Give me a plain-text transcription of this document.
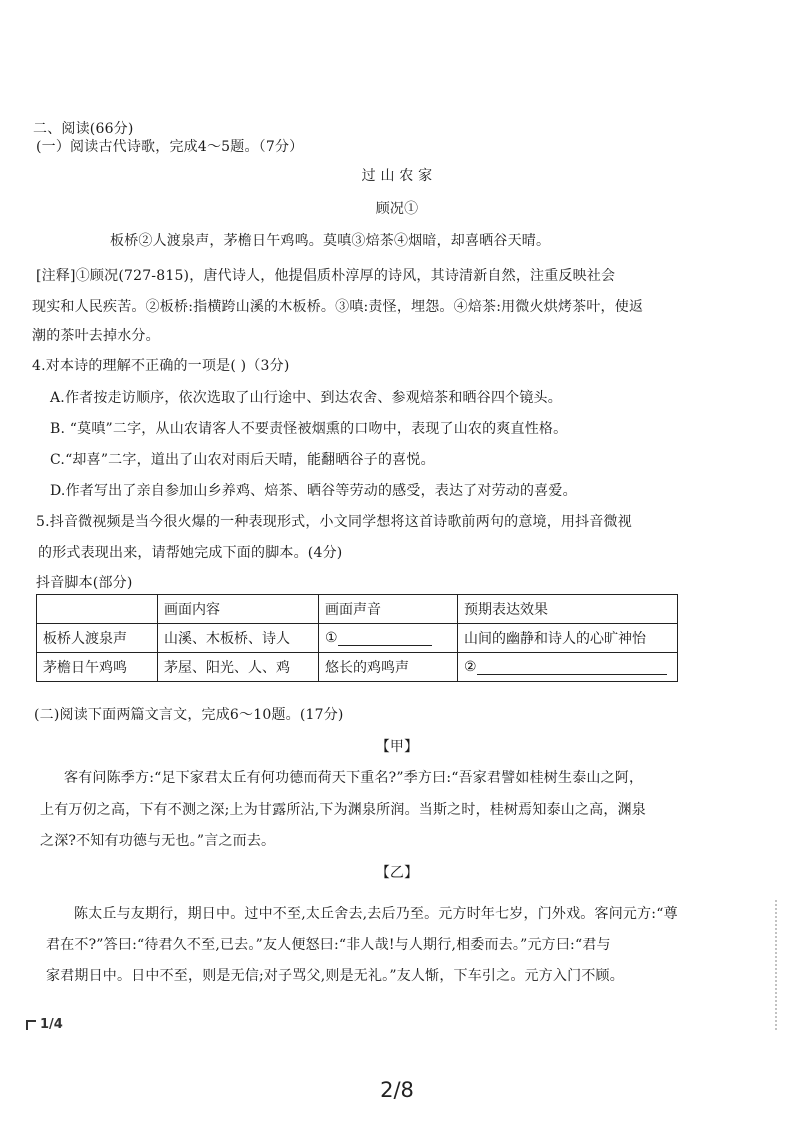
二、阅读(66分)
(一）阅读古代诗歌，完成4～5题。（7分）
过 山 农 家
顾况①
板桥②人渡泉声，茅檐日午鸡鸣。莫嗔③焙茶④烟暗，却喜晒谷天晴。
[注释]①顾况(727-815)，唐代诗人，他提倡质朴淳厚的诗风，其诗清新自然，注重反映社会
现实和人民疾苦。②板桥:指横跨山溪的木板桥。③嗔:责怪，埋怨。④焙茶:用微火烘烤茶叶，使返
潮的茶叶去掉水分。
4.对本诗的理解不正确的一项是( )（3分)
A.作者按走访顺序，依次选取了山行途中、到达农舍、参观焙茶和晒谷四个镜头。
B. “莫嗔”二字，从山农请客人不要责怪被烟熏的口吻中，表现了山农的爽直性格。
C.“却喜”二字，道出了山农对雨后天晴，能翻晒谷子的喜悦。
D.作者写出了亲自参加山乡养鸡、焙茶、晒谷等劳动的感受，表达了对劳动的喜爱。
5.抖音微视频是当今很火爆的一种表现形式，小文同学想将这首诗歌前两句的意境，用抖音微视
的形式表现出来，请帮她完成下面的脚本。(4分)
抖音脚本(部分)
	画面内容	画面声音	预期表达效果
板桥人渡泉声	山溪、木板桥、诗人	①	山间的幽静和诗人的心旷神怡
茅檐日午鸡鸣	茅屋、阳光、人、鸡	悠长的鸡鸣声	②
(二)阅读下面两篇文言文，完成6～10题。(17分)
【甲】
客有问陈季方:“足下家君太丘有何功德而荷天下重名?”季方曰:“吾家君譬如桂树生泰山之阿，
上有万仞之高，下有不测之深;上为甘露所沾,下为渊泉所润。当斯之时，桂树焉知泰山之高，渊泉
之深?不知有功德与无也。”言之而去。
【乙】
陈太丘与友期行，期日中。过中不至,太丘舍去,去后乃至。元方时年七岁，门外戏。客问元方:“尊
君在不?”答曰:“待君久不至,已去。”友人便怒曰:“非人哉!与人期行,相委而去。”元方曰:“君与
家君期日中。日中不至，则是无信;对子骂父,则是无礼。”友人惭，下车引之。元方入门不顾。
1/4
2/8
